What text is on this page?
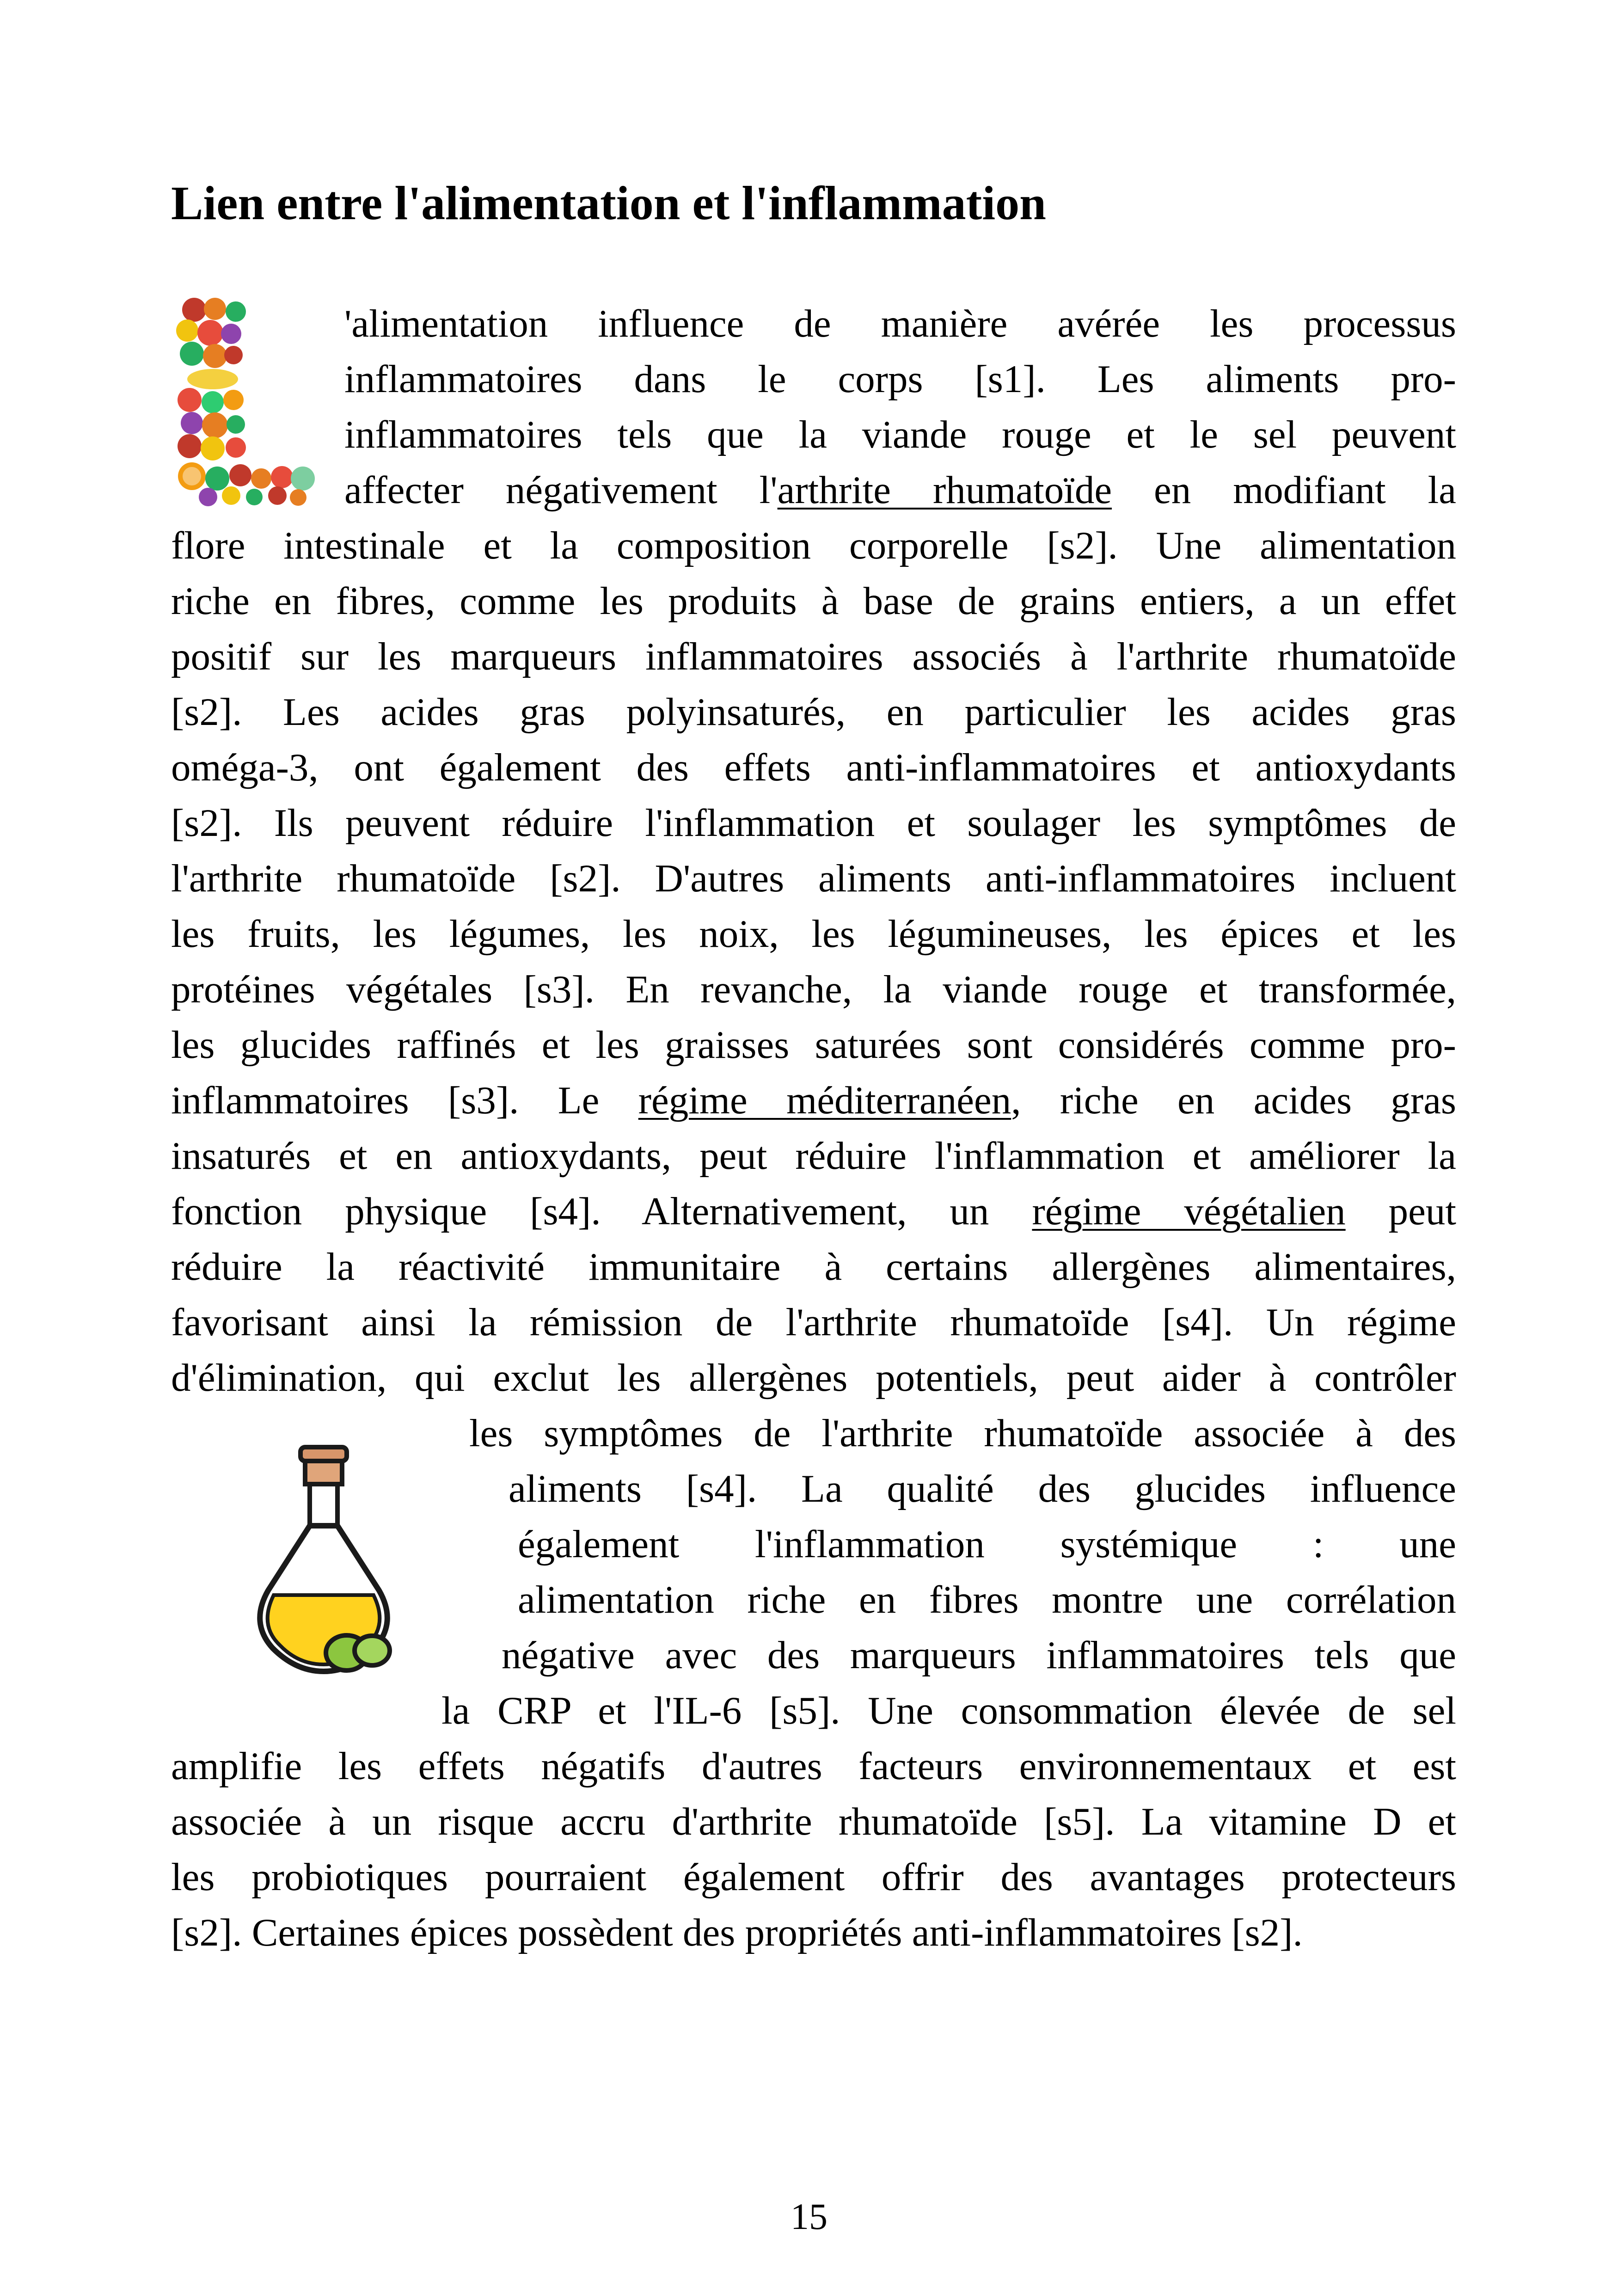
Lien entre l'alimentation et l'inflammation
'alimentation influence de manière avérée les processus
inflammatoires dans le corps [s1]. Les aliments pro-
inflammatoires tels que la viande rouge et le sel peuvent
affecter négativement l'arthrite rhumatoïde en modifiant la
flore intestinale et la composition corporelle [s2]. Une alimentation
riche en fibres, comme les produits à base de grains entiers, a un effet
positif sur les marqueurs inflammatoires associés à l'arthrite rhumatoïde
[s2]. Les acides gras polyinsaturés, en particulier les acides gras
oméga-3, ont également des effets anti-inflammatoires et antioxydants
[s2]. Ils peuvent réduire l'inflammation et soulager les symptômes de
l'arthrite rhumatoïde [s2]. D'autres aliments anti-inflammatoires incluent
les fruits, les légumes, les noix, les légumineuses, les épices et les
protéines végétales [s3]. En revanche, la viande rouge et transformée,
les glucides raffinés et les graisses saturées sont considérés comme pro-
inflammatoires [s3]. Le régime méditerranéen, riche en acides gras
insaturés et en antioxydants, peut réduire l'inflammation et améliorer la
fonction physique [s4]. Alternativement, un régime végétalien peut
réduire la réactivité immunitaire à certains allergènes alimentaires,
favorisant ainsi la rémission de l'arthrite rhumatoïde [s4]. Un régime
d'élimination, qui exclut les allergènes potentiels, peut aider à contrôler
les symptômes de l'arthrite rhumatoïde associée à des
aliments [s4]. La qualité des glucides influence
également l'inflammation systémique : une
alimentation riche en fibres montre une corrélation
négative avec des marqueurs inflammatoires tels que
la CRP et l'IL-6 [s5]. Une consommation élevée de sel
amplifie les effets négatifs d'autres facteurs environnementaux et est
associée à un risque accru d'arthrite rhumatoïde [s5]. La vitamine D et
les probiotiques pourraient également offrir des avantages protecteurs
[s2]. Certaines épices possèdent des propriétés anti-inflammatoires [s2].
15
